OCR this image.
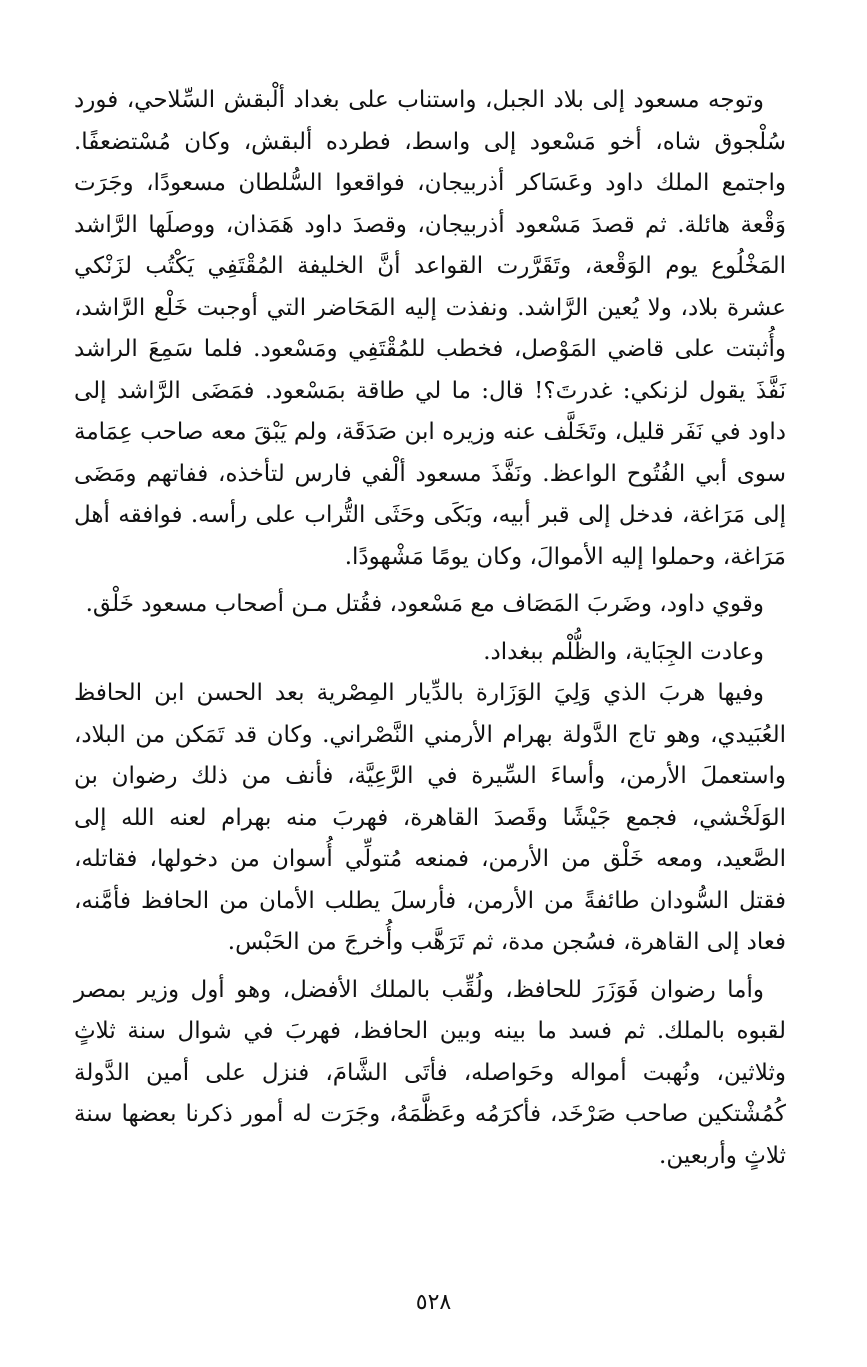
وتوجه مسعود إلى بلاد الجبل، واستناب على بغداد ألْبقش السِّلاحي، فورد سُلْجوق شاه، أخو مَسْعود إلى واسط، فطرده ألبقش، وكان مُسْتضعفًا. واجتمع الملك داود وعَسَاكر أذربيجان، فواقعوا السُّلطان مسعودًا، وجَرَت وَقْعة هائلة. ثم قصدَ مَسْعود أذربيجان، وقصدَ داود هَمَذان، ووصلَها الرَّاشد المَخْلُوع يوم الوَقْعة، وتَقَرَّرت القواعد أنَّ الخليفة المُقْتَفِي يَكْتُب لزَنْكي عشرة بلاد، ولا يُعين الرَّاشد. ونفذت إليه المَحَاضر التي أوجبت خَلْع الرَّاشد، وأُثبتت على قاضي المَوْصل، فخطب للمُقْتَفِي ومَسْعود. فلما سَمِعَ الراشد نَفَّذَ يقول لزنكي: غدرتَ؟! قال: ما لي طاقة بمَسْعود. فمَضَى الرَّاشد إلى داود في نَفَر قليل، وتَخَلَّف عنه وزيره ابن صَدَقَة، ولم يَبْقَ معه صاحب عِمَامة سوى أبي الفُتُوح الواعظ. ونَفَّذَ مسعود ألْفي فارس لتأخذه، ففاتهم ومَضَى إلى مَرَاغة، فدخل إلى قبر أبيه، وبَكَى وحَثَى التُّراب على رأسه. فوافقه أهل مَرَاغة، وحملوا إليه الأموالَ، وكان يومًا مَشْهودًا.

وقوي داود، وضَربَ المَصَاف مع مَسْعود، فقُتل مـن أصحاب مسعود خَلْق.

وعادت الجِبَاية، والظُّلْم ببغداد.

وفيها هربَ الذي وَلِيَ الوَزَارة بالدِّيار المِصْرية بعد الحسن ابن الحافظ العُبَيدي، وهو تاج الدَّولة بهرام الأرمني النَّصْراني. وكان قد تَمَكن من البلاد، واستعملَ الأرمن، وأساءَ السِّيرة في الرَّعِيَّة، فأنف من ذلك رضوان بن الوَلَخْشي، فجمع جَيْشًا وقَصدَ القاهرة، فهربَ منه بهرام لعنه الله إلى الصَّعيد، ومعه خَلْق من الأرمن، فمنعه مُتولِّي أُسوان من دخولها، فقاتله، فقتل السُّودان طائفةً من الأرمن، فأرسلَ يطلب الأمان من الحافظ فأمَّنه، فعاد إلى القاهرة، فسُجن مدة، ثم تَرَهَّب وأُخرجَ من الحَبْس.

وأما رضوان فَوَزَرَ للحافظ، ولُقِّب بالملك الأفضل، وهو أول وزير بمصر لقبوه بالملك. ثم فسد ما بينه وبين الحافظ، فهربَ في شوال سنة ثلاثٍ وثلاثين، ونُهبت أمواله وحَواصله، فأتَى الشَّامَ، فنزل على أمين الدَّولة كُمُشْتكين صاحب صَرْخَد، فأكرَمُه وعَظَّمَهُ، وجَرَت له أمور ذكرنا بعضها سنة ثلاثٍ وأربعين.

٥٢٨
